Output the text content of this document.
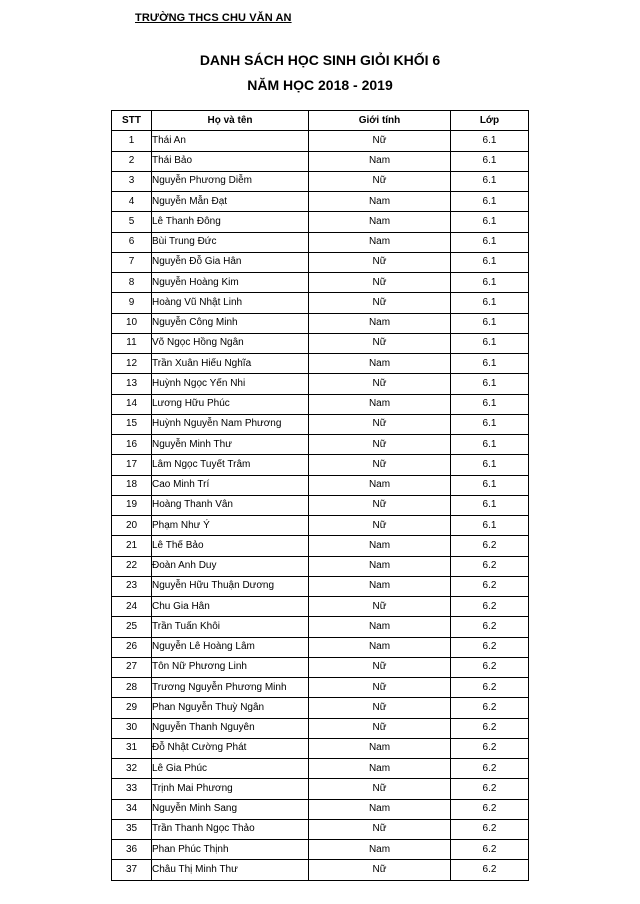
TRƯỜNG THCS CHU VĂN AN
DANH SÁCH HỌC SINH GIỎI KHỐI 6
NĂM HỌC 2018 - 2019
STT	Họ và tên	Giới tính	Lớp
1	Thái An	Nữ	6.1
2	Thái Bảo	Nam	6.1
3	Nguyễn Phương Diễm	Nữ	6.1
4	Nguyễn Mẫn Đạt	Nam	6.1
5	Lê Thanh Đông	Nam	6.1
6	Bùi Trung Đức	Nam	6.1
7	Nguyễn Đỗ Gia Hân	Nữ	6.1
8	Nguyễn Hoàng Kim	Nữ	6.1
9	Hoàng Vũ Nhật Linh	Nữ	6.1
10	Nguyễn Công Minh	Nam	6.1
11	Võ Ngọc Hồng Ngân	Nữ	6.1
12	Trần Xuân Hiếu Nghĩa	Nam	6.1
13	Huỳnh Ngọc Yến Nhi	Nữ	6.1
14	Lương Hữu Phúc	Nam	6.1
15	Huỳnh Nguyễn Nam Phương	Nữ	6.1
16	Nguyễn Minh Thư	Nữ	6.1
17	Lâm Ngọc Tuyết Trâm	Nữ	6.1
18	Cao Minh Trí	Nam	6.1
19	Hoàng Thanh Vân	Nữ	6.1
20	Phạm Như Ý	Nữ	6.1
21	Lê Thế Bảo	Nam	6.2
22	Đoàn Anh Duy	Nam	6.2
23	Nguyễn Hữu Thuận Dương	Nam	6.2
24	Chu Gia Hân	Nữ	6.2
25	Trần Tuấn Khôi	Nam	6.2
26	Nguyễn Lê Hoàng Lâm	Nam	6.2
27	Tôn Nữ Phương Linh	Nữ	6.2
28	Trương Nguyễn Phương Minh	Nữ	6.2
29	Phan Nguyễn Thuỳ Ngân	Nữ	6.2
30	Nguyễn Thanh Nguyên	Nữ	6.2
31	Đỗ Nhật Cường Phát	Nam	6.2
32	Lê Gia Phúc	Nam	6.2
33	Trịnh Mai Phương	Nữ	6.2
34	Nguyễn Minh Sang	Nam	6.2
35	Trần Thanh Ngọc Thảo	Nữ	6.2
36	Phan Phúc Thịnh	Nam	6.2
37	Châu Thị Minh Thư	Nữ	6.2
